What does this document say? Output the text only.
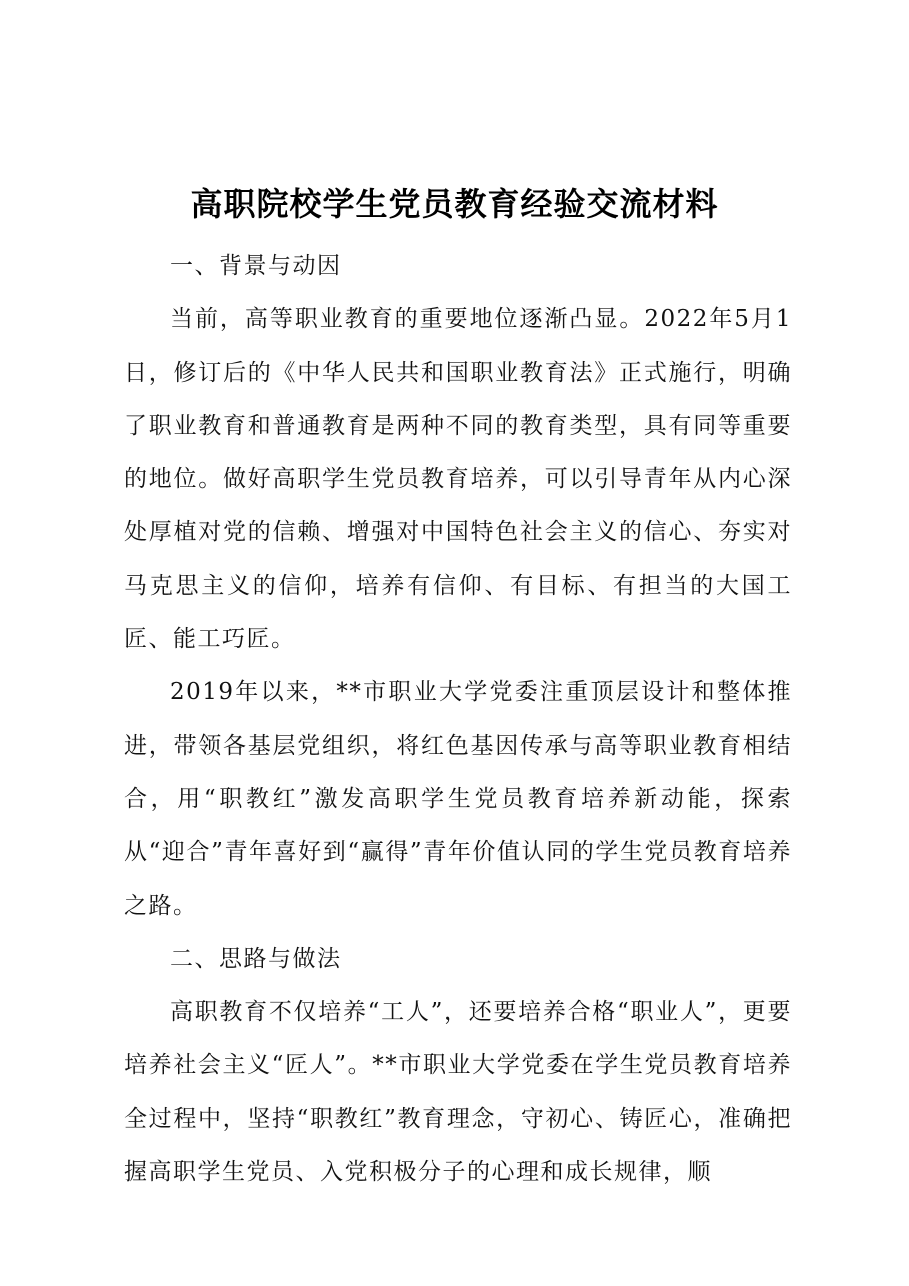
高职院校学生党员教育经验交流材料

一、背景与动因

当前，高等职业教育的重要地位逐渐凸显。2022年5月1日，修订后的《中华人民共和国职业教育法》正式施行，明确了职业教育和普通教育是两种不同的教育类型，具有同等重要的地位。做好高职学生党员教育培养，可以引导青年从内心深处厚植对党的信赖、增强对中国特色社会主义的信心、夯实对马克思主义的信仰，培养有信仰、有目标、有担当的大国工匠、能工巧匠。

2019年以来，**市职业大学党委注重顶层设计和整体推进，带领各基层党组织，将红色基因传承与高等职业教育相结合，用“职教红”激发高职学生党员教育培养新动能，探索从“迎合”青年喜好到“赢得”青年价值认同的学生党员教育培养之路。

二、思路与做法

高职教育不仅培养“工人”，还要培养合格“职业人”，更要培养社会主义“匠人”。**市职业大学党委在学生党员教育培养全过程中，坚持“职教红”教育理念，守初心、铸匠心，准确把握高职学生党员、入党积极分子的心理和成长规律，顺
